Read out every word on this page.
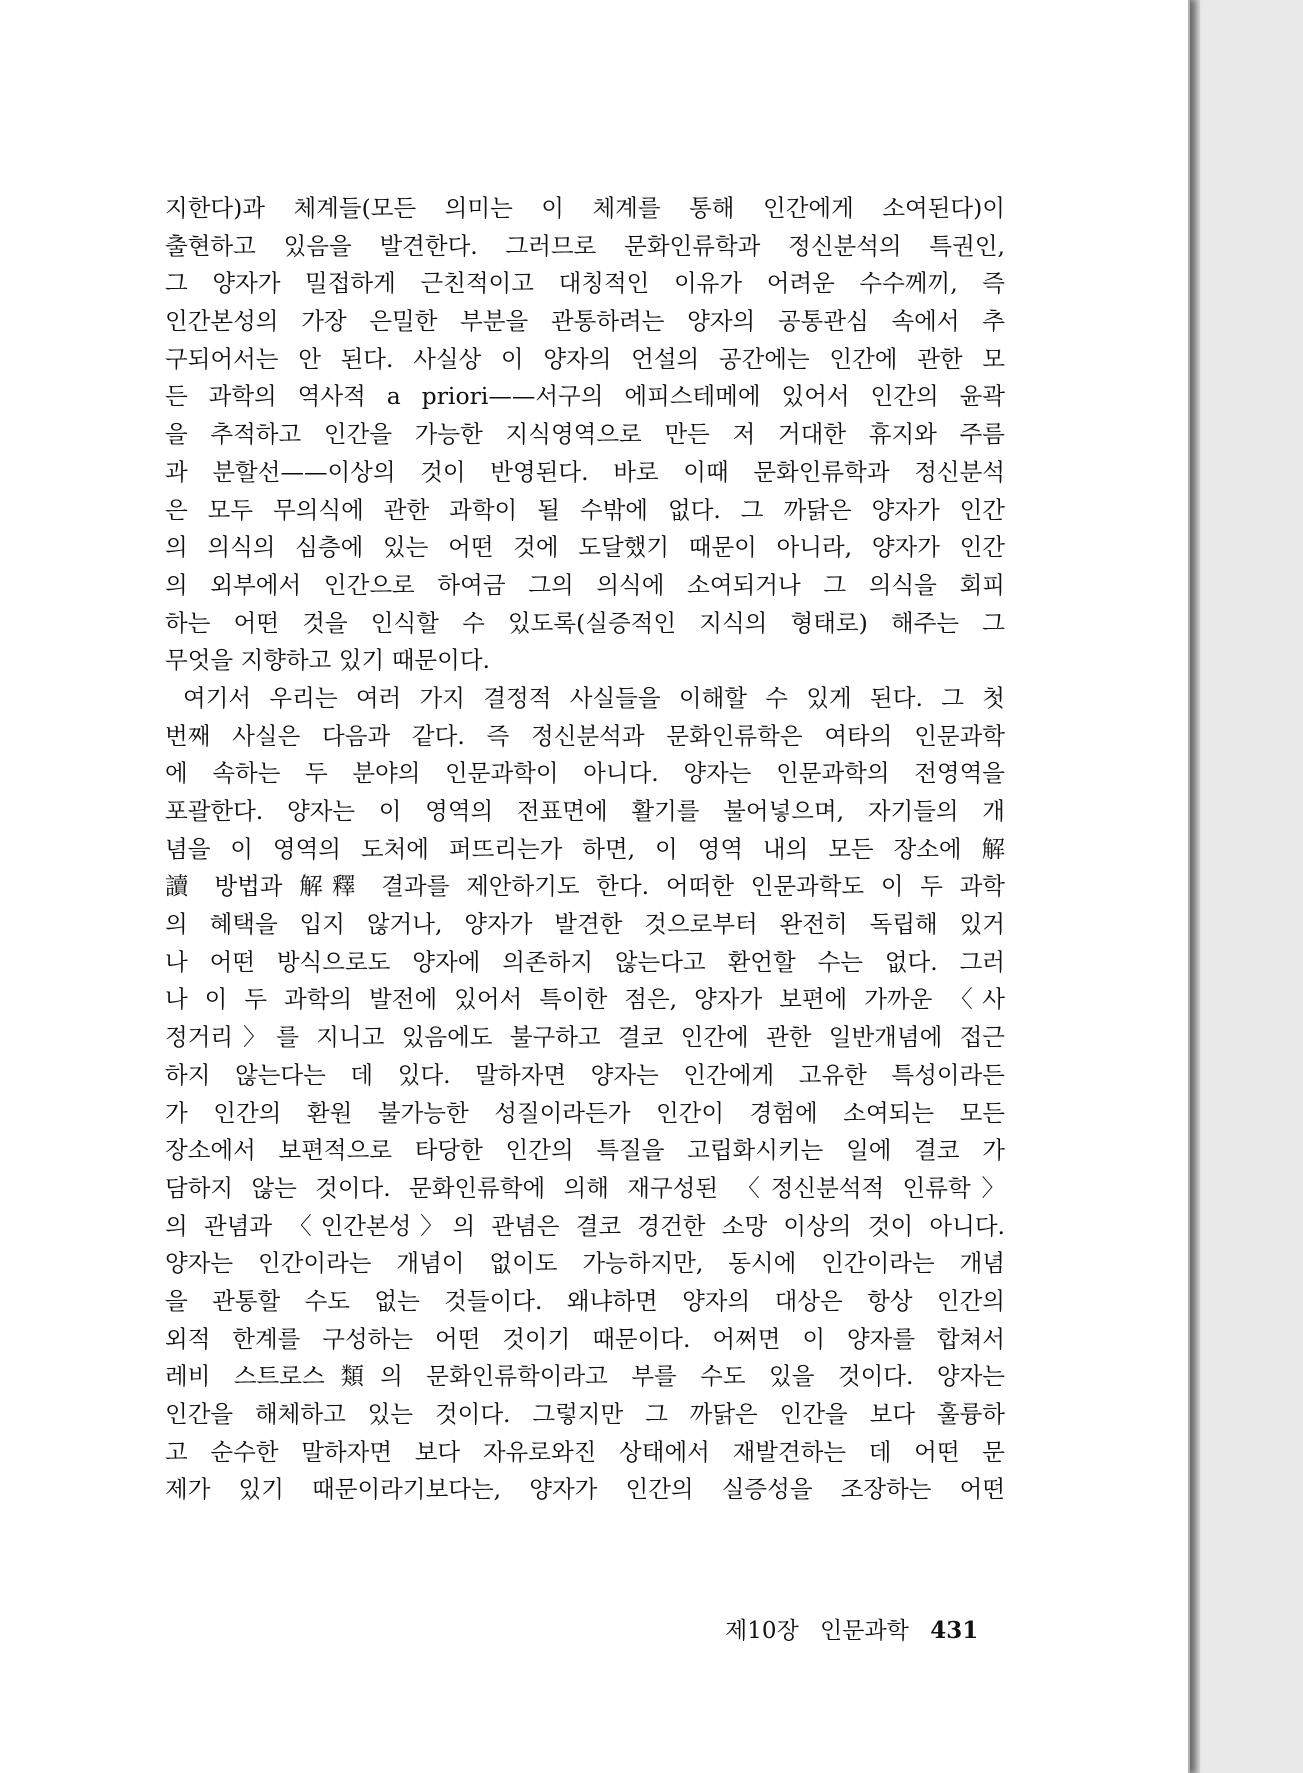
지한다)과 체계들(모든 의미는 이 체계를 통해 인간에게 소여된다)이
출현하고 있음을 발견한다. 그러므로 문화인류학과 정신분석의 특권인,
그 양자가 밀접하게 근친적이고 대칭적인 이유가 어려운 수수께끼, 즉
인간본성의 가장 은밀한 부분을 관통하려는 양자의 공통관심 속에서 추
구되어서는 안 된다. 사실상 이 양자의 언설의 공간에는 인간에 관한 모
든 과학의 역사적 a priori——서구의 에피스테메에 있어서 인간의 윤곽
을 추적하고 인간을 가능한 지식영역으로 만든 저 거대한 휴지와 주름
과 분할선——이상의 것이 반영된다. 바로 이때 문화인류학과 정신분석
은 모두 무의식에 관한 과학이 될 수밖에 없다. 그 까닭은 양자가 인간
의 의식의 심층에 있는 어떤 것에 도달했기 때문이 아니라, 양자가 인간
의 외부에서 인간으로 하여금 그의 의식에 소여되거나 그 의식을 회피
하는 어떤 것을 인식할 수 있도록(실증적인 지식의 형태로) 해주는 그
무엇을 지향하고 있기 때문이다.
여기서 우리는 여러 가지 결정적 사실들을 이해할 수 있게 된다. 그 첫
번째 사실은 다음과 같다. 즉 정신분석과 문화인류학은 여타의 인문과학
에 속하는 두 분야의 인문과학이 아니다. 양자는 인문과학의 전영역을
포괄한다. 양자는 이 영역의 전표면에 활기를 불어넣으며, 자기들의 개
념을 이 영역의 도처에 퍼뜨리는가 하면, 이 영역 내의 모든 장소에 解
讀 방법과 解釋 결과를 제안하기도 한다. 어떠한 인문과학도 이 두 과학
의 혜택을 입지 않거나, 양자가 발견한 것으로부터 완전히 독립해 있거
나 어떤 방식으로도 양자에 의존하지 않는다고 환언할 수는 없다. 그러
나 이 두 과학의 발전에 있어서 특이한 점은, 양자가 보편에 가까운 〈사
정거리〉를 지니고 있음에도 불구하고 결코 인간에 관한 일반개념에 접근
하지 않는다는 데 있다. 말하자면 양자는 인간에게 고유한 특성이라든
가 인간의 환원 불가능한 성질이라든가 인간이 경험에 소여되는 모든
장소에서 보편적으로 타당한 인간의 특질을 고립화시키는 일에 결코 가
담하지 않는 것이다. 문화인류학에 의해 재구성된 〈정신분석적 인류학〉
의 관념과 〈인간본성〉의 관념은 결코 경건한 소망 이상의 것이 아니다.
양자는 인간이라는 개념이 없이도 가능하지만, 동시에 인간이라는 개념
을 관통할 수도 없는 것들이다. 왜냐하면 양자의 대상은 항상 인간의
외적 한계를 구성하는 어떤 것이기 때문이다. 어쩌면 이 양자를 합쳐서
레비 스트로스類의 문화인류학이라고 부를 수도 있을 것이다. 양자는
인간을 해체하고 있는 것이다. 그렇지만 그 까닭은 인간을 보다 훌륭하
고 순수한 말하자면 보다 자유로와진 상태에서 재발견하는 데 어떤 문
제가 있기 때문이라기보다는, 양자가 인간의 실증성을 조장하는 어떤
제10장 인문과학 431
